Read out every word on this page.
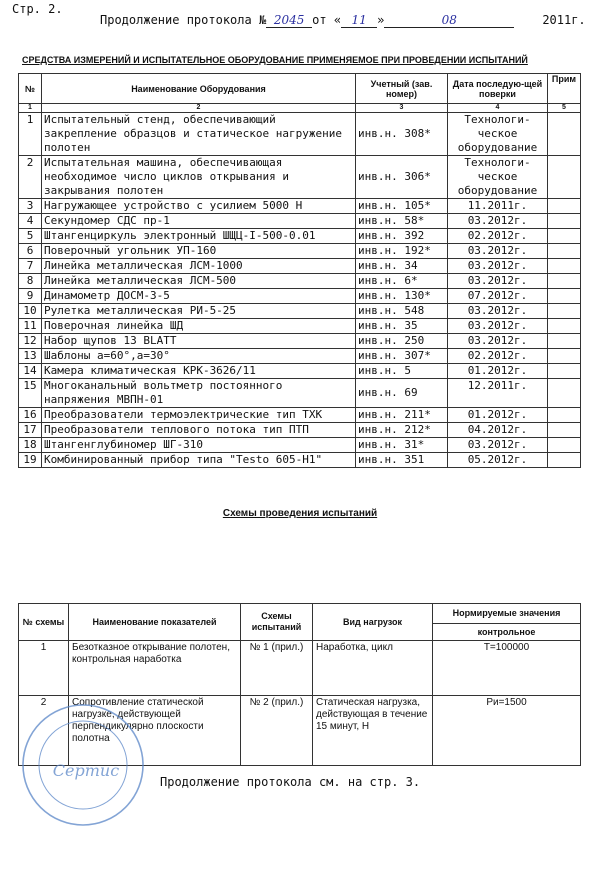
Стр. 2.
Продолжение протокола № 2045 от « 11 »	08	2011г.
СРЕДСТВА ИЗМЕРЕНИЙ И ИСПЫТАТЕЛЬНОЕ ОБОРУДОВАНИЕ ПРИМЕНЯЕМОЕ ПРИ ПРОВЕДЕНИИ ИСПЫТАНИЙ
№	Наименование Оборудования	Учетный (зав. номер)	Дата последую-щей поверки	Прим
1	2	3	4	5
1	Испытательный стенд, обеспечивающий закрепление образцов и статическое нагружение полотен	инв.н. 308*	Технологи-ческое оборудование	
2	Испытательная машина, обеспечивающая необходимое число циклов открывания и закрывания полотен	инв.н. 306*	Технологи-ческое оборудование	
3	Нагружающее устройство с усилием 5000 Н	инв.н. 105*	11.2011г.	
4	Секундомер СДС пр-1	инв.н. 58*	03.2012г.	
5	Штангенциркуль электронный ШЩЦ-I-500-0.01	инв.н. 392	02.2012г.	
6	Поверочный угольник УП-160	инв.н. 192*	03.2012г.	
7	Линейка металлическая ЛСМ-1000	инв.н. 34	03.2012г.	
8	Линейка металлическая ЛСМ-500	инв.н. 6*	03.2012г.	
9	Динамометр ДОСМ-3-5	инв.н. 130*	07.2012г.	
10	Рулетка металлическая РИ-5-25	инв.н. 548	03.2012г.	
11	Поверочная линейка ШД	инв.н. 35	03.2012г.	
12	Набор щупов 13 BLATT	инв.н. 250	03.2012г.	
13	Шаблоны a=60°,a=30°	инв.н. 307*	02.2012г.	
14	Камера климатическая КРК-3626/11	инв.н. 5	01.2012г.	
15	Многоканальный вольтметр постоянного напряжения МВПН-01	инв.н. 69	12.2011г.	
16	Преобразователи термоэлектрические тип ТХК	инв.н. 211*	01.2012г.	
17	Преобразователи теплового потока тип ПТП	инв.н. 212*	04.2012г.	
18	Штангенглубиномер ШГ-310	инв.н. 31*	03.2012г.	
19	Комбинированный прибор типа "Testo 605-H1"	инв.н. 351	05.2012г.	
Схемы проведения испытаний
№ схемы	Наименование показателей	Схемы испытаний	Вид нагрузок	Нормируемые значения
				контрольное
1	Безотказное открывание полотен, контрольная наработка	№ 1 (прил.)	Наработка, цикл	T=100000
2	Сопротивление статической нагрузке, действующей перпендикулярно плоскости полотна	№ 2 (прил.)	Статическая нагрузка, действующая в течение 15 минут, Н	Pи=1500
Сертис
Продолжение протокола см. на стр. 3.
